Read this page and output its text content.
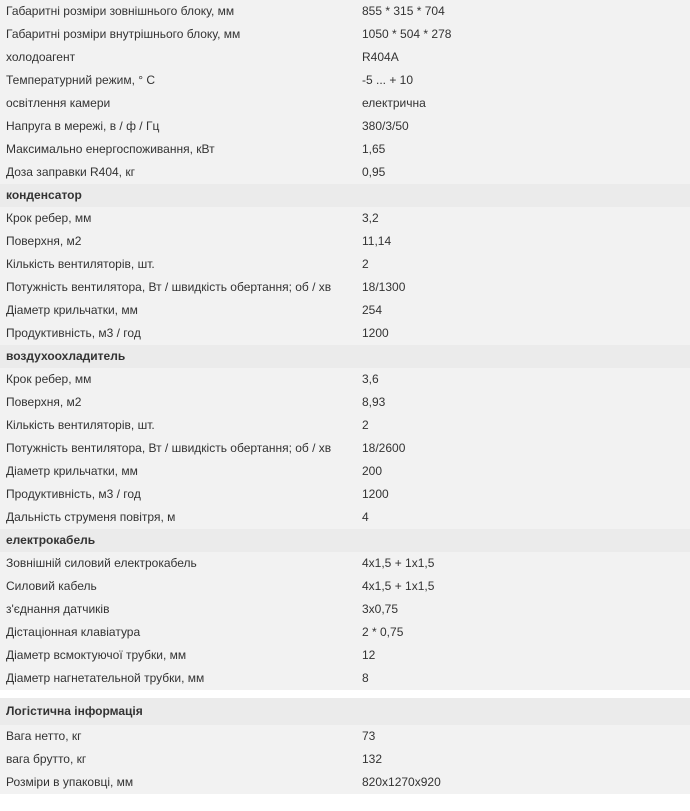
Габаритні розміри зовнішнього блоку, мм	855 * 315 * 704
Габаритні розміри внутрішнього блоку, мм	1050 * 504 * 278
холодоагент	R404A
Температурний режим, ° С	-5 ... + 10
освітлення камери	електрична
Напруга в мережі, в / ф / Гц	380/3/50
Максимально енергоспоживання, кВт	1,65
Доза заправки R404, кг	0,95
конденсатор	
Крок ребер, мм	3,2
Поверхня, м2	11,14
Кількість вентиляторів, шт.	2
Потужність вентилятора, Вт / швидкість обертання; об / хв	18/1300
Діаметр крильчатки, мм	254
Продуктивність, м3 / год	1200
воздухоохладитель	
Крок ребер, мм	3,6
Поверхня, м2	8,93
Кількість вентиляторів, шт.	2
Потужність вентилятора, Вт / швидкість обертання; об / хв	18/2600
Діаметр крильчатки, мм	200
Продуктивність, м3 / год	1200
Дальність струменя повітря, м	4
електрокабель	
Зовнішній силовий електрокабель	4х1,5 + 1х1,5
Силовий кабель	4х1,5 + 1х1,5
з'єднання датчиків	3х0,75
Дістаціонная клавіатура	2 * 0,75
Діаметр всмоктуючої трубки, мм	12
Діаметр нагнетательной трубки, мм	8

Логістична інформація	
Вага нетто, кг	73
вага брутто, кг	132
Розміри в упаковці, мм	820х1270х920
